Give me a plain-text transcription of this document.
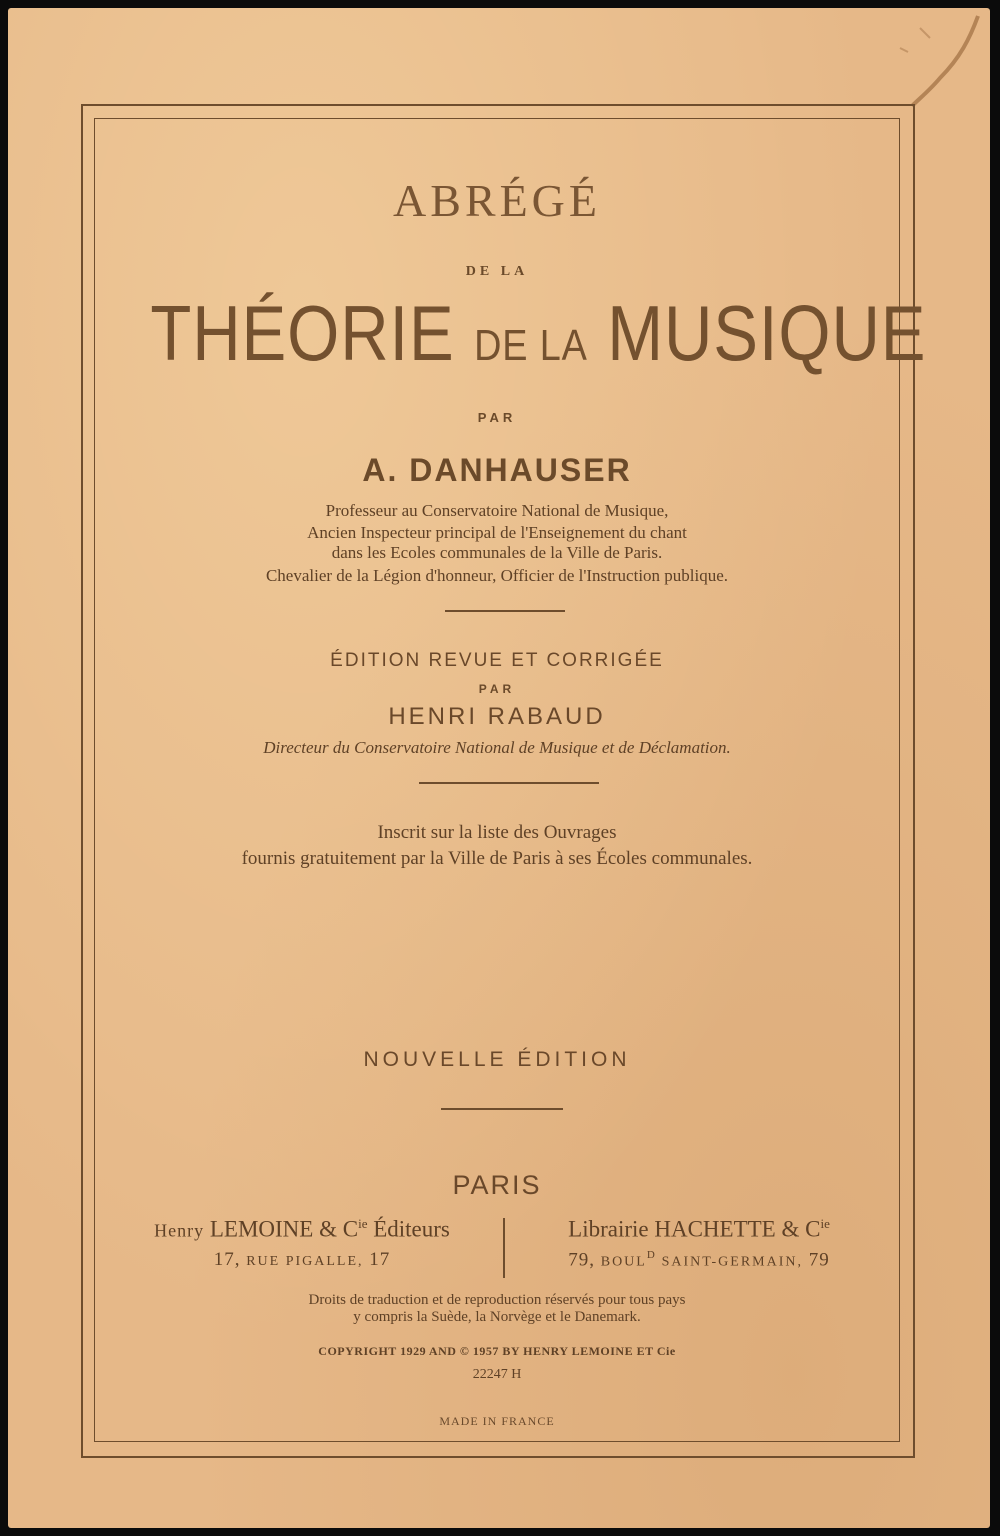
ABRÉGÉ
DE LA
THÉORIE DE LA MUSIQUE
PAR
A. DANHAUSER
Professeur au Conservatoire National de Musique,
Ancien Inspecteur principal de l'Enseignement du chant
dans les Ecoles communales de la Ville de Paris.
Chevalier de la Légion d'honneur, Officier de l'Instruction publique.
ÉDITION REVUE ET CORRIGÉE
PAR
HENRI RABAUD
Directeur du Conservatoire National de Musique et de Déclamation.
Inscrit sur la liste des Ouvrages
fournis gratuitement par la Ville de Paris à ses Écoles communales.
NOUVELLE ÉDITION
PARIS
Henry LEMOINE & $C^{ie}$ Éditeurs
17, RUE PIGALLE, 17
Librairie HACHETTE & $C^{ie}$
79, $BOUL^D$ SAINT-GERMAIN, 79
Droits de traduction et de reproduction réservés pour tous pays
y compris la Suède, la Norvège et le Danemark.
COPYRIGHT 1929 AND © 1957 BY HENRY LEMOINE ET Cie
22247 H
MADE IN FRANCE
